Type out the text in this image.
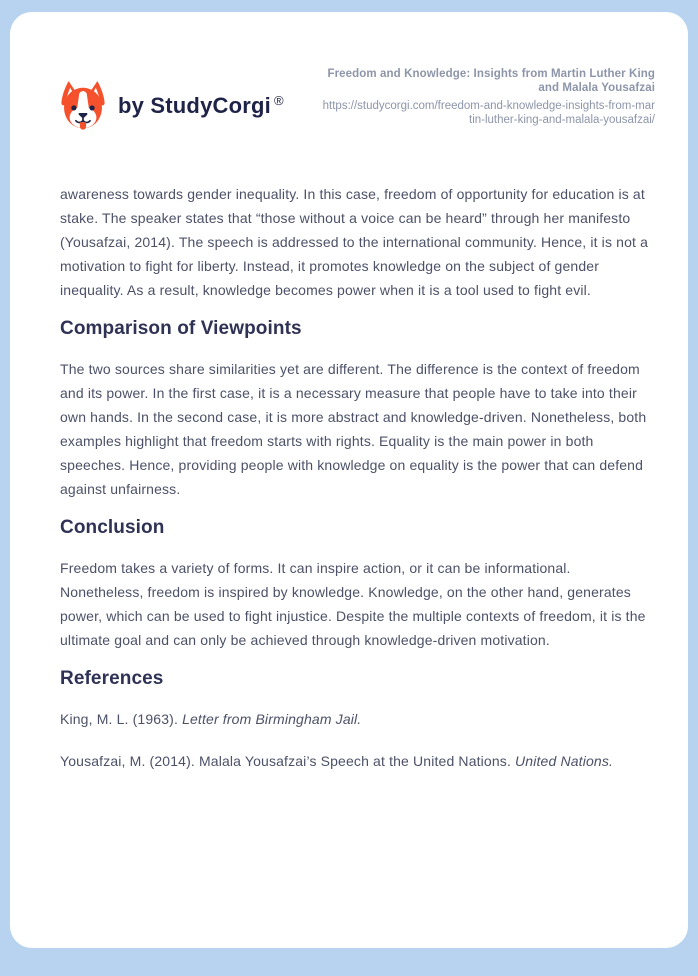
by StudyCorgi ®
Freedom and Knowledge: Insights from Martin Luther King and Malala Yousafzai
https://studycorgi.com/freedom-and-knowledge-insights-from-martin-luther-king-and-malala-yousafzai/

awareness towards gender inequality. In this case, freedom of opportunity for education is at stake. The speaker states that “those without a voice can be heard” through her manifesto (Yousafzai, 2014). The speech is addressed to the international community. Hence, it is not a motivation to fight for liberty. Instead, it promotes knowledge on the subject of gender inequality. As a result, knowledge becomes power when it is a tool used to fight evil.

Comparison of Viewpoints

The two sources share similarities yet are different. The difference is the context of freedom and its power. In the first case, it is a necessary measure that people have to take into their own hands. In the second case, it is more abstract and knowledge-driven. Nonetheless, both examples highlight that freedom starts with rights. Equality is the main power in both speeches. Hence, providing people with knowledge on equality is the power that can defend against unfairness.

Conclusion

Freedom takes a variety of forms. It can inspire action, or it can be informational. Nonetheless, freedom is inspired by knowledge. Knowledge, on the other hand, generates power, which can be used to fight injustice. Despite the multiple contexts of freedom, it is the ultimate goal and can only be achieved through knowledge-driven motivation.

References

King, M. L. (1963). Letter from Birmingham Jail.

Yousafzai, M. (2014). Malala Yousafzai’s Speech at the United Nations. United Nations.
